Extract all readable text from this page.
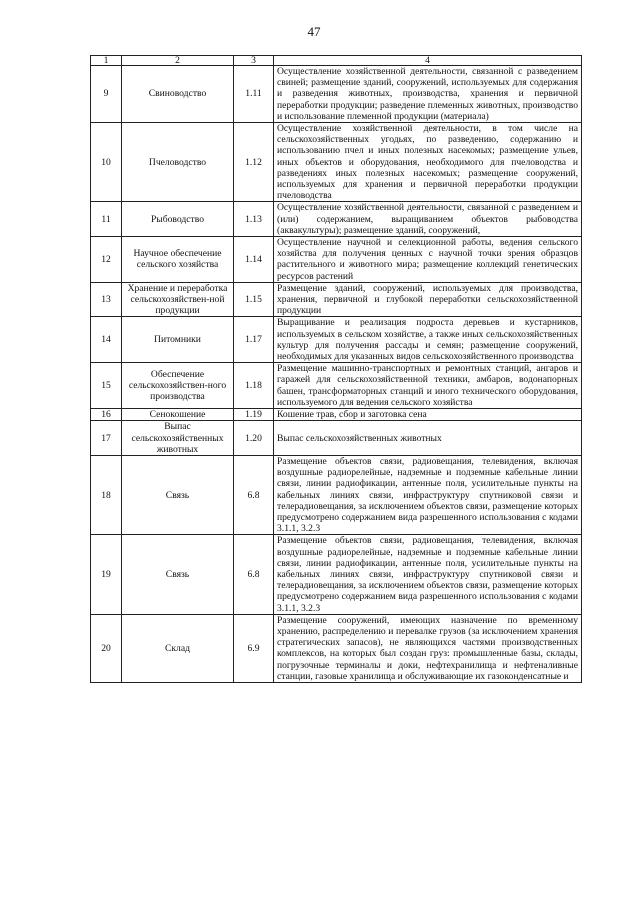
47
1	2	3	4
9	Свиноводство	1.11	Осуществление хозяйственной деятельности, связанной с разведением свиней; размещение зданий, сооружений, используемых для содержания и разведения животных, производства, хранения и первичной переработки продукции; разведение племенных животных, производство и использование племенной продукции (материала)
10	Пчеловодство	1.12	Осуществление хозяйственной деятельности, в том числе на сельскохозяйственных угодьях, по разведению, содержанию и использованию пчел и иных полезных насекомых; размещение ульев, иных объектов и оборудования, необходимого для пчеловодства и разведениях иных полезных насекомых; размещение сооружений, используемых для хранения и первичной переработки продукции пчеловодства
11	Рыбоводство	1.13	Осуществление хозяйственной деятельности, связанной с разведением и (или) содержанием, выращиванием объектов рыбоводства (аквакультуры); размещение зданий, сооружений,
12	Научное обеспечение сельского хозяйства	1.14	Осуществление научной и селекционной работы, ведения сельского хозяйства для получения ценных с научной точки зрения образцов растительного и животного мира; размещение коллекций генетических ресурсов растений
13	Хранение и переработка сельскохозяйствен-ной продукции	1.15	Размещение зданий, сооружений, используемых для производства, хранения, первичной и глубокой переработки сельскохозяйственной продукции
14	Питомники	1.17	Выращивание и реализация подроста деревьев и кустарников, используемых в сельском хозяйстве, а также иных сельскохозяйственных культур для получения рассады и семян; размещение сооружений, необходимых для указанных видов сельскохозяйственного производства
15	Обеспечение сельскохозяйствен-ного производства	1.18	Размещение машинно-транспортных и ремонтных станций, ангаров и гаражей для сельскохозяйственной техники, амбаров, водонапорных башен, трансформаторных станций и иного технического оборудования, используемого для ведения сельского хозяйства
16	Сенокошение	1.19	Кошение трав, сбор и заготовка сена
17	Выпас сельскохозяйственных животных	1.20	Выпас сельскохозяйственных животных
18	Связь	6.8	Размещение объектов связи, радиовещания, телевидения, включая воздушные радиорелейные, надземные и подземные кабельные линии связи, линии радиофикации, антенные поля, усилительные пункты на кабельных линиях связи, инфраструктуру спутниковой связи и телерадиовещания, за исключением объектов связи, размещение которых предусмотрено содержанием вида разрешенного использования с кодами 3.1.1, 3.2.3
19	Связь	6.8	Размещение объектов связи, радиовещания, телевидения, включая воздушные радиорелейные, надземные и подземные кабельные линии связи, линии радиофикации, антенные поля, усилительные пункты на кабельных линиях связи, инфраструктуру спутниковой связи и телерадиовещания, за исключением объектов связи, размещение которых предусмотрено содержанием вида разрешенного использования с кодами 3.1.1, 3.2.3
20	Склад	6.9	Размещение сооружений, имеющих назначение по временному хранению, распределению и перевалке грузов (за исключением хранения стратегических запасов), не являющихся частями производственных комплексов, на которых был создан груз: промышленные базы, склады, погрузочные терминалы и доки, нефтехранилища и нефтеналивные станции, газовые хранилища и обслуживающие их газоконденсатные и
